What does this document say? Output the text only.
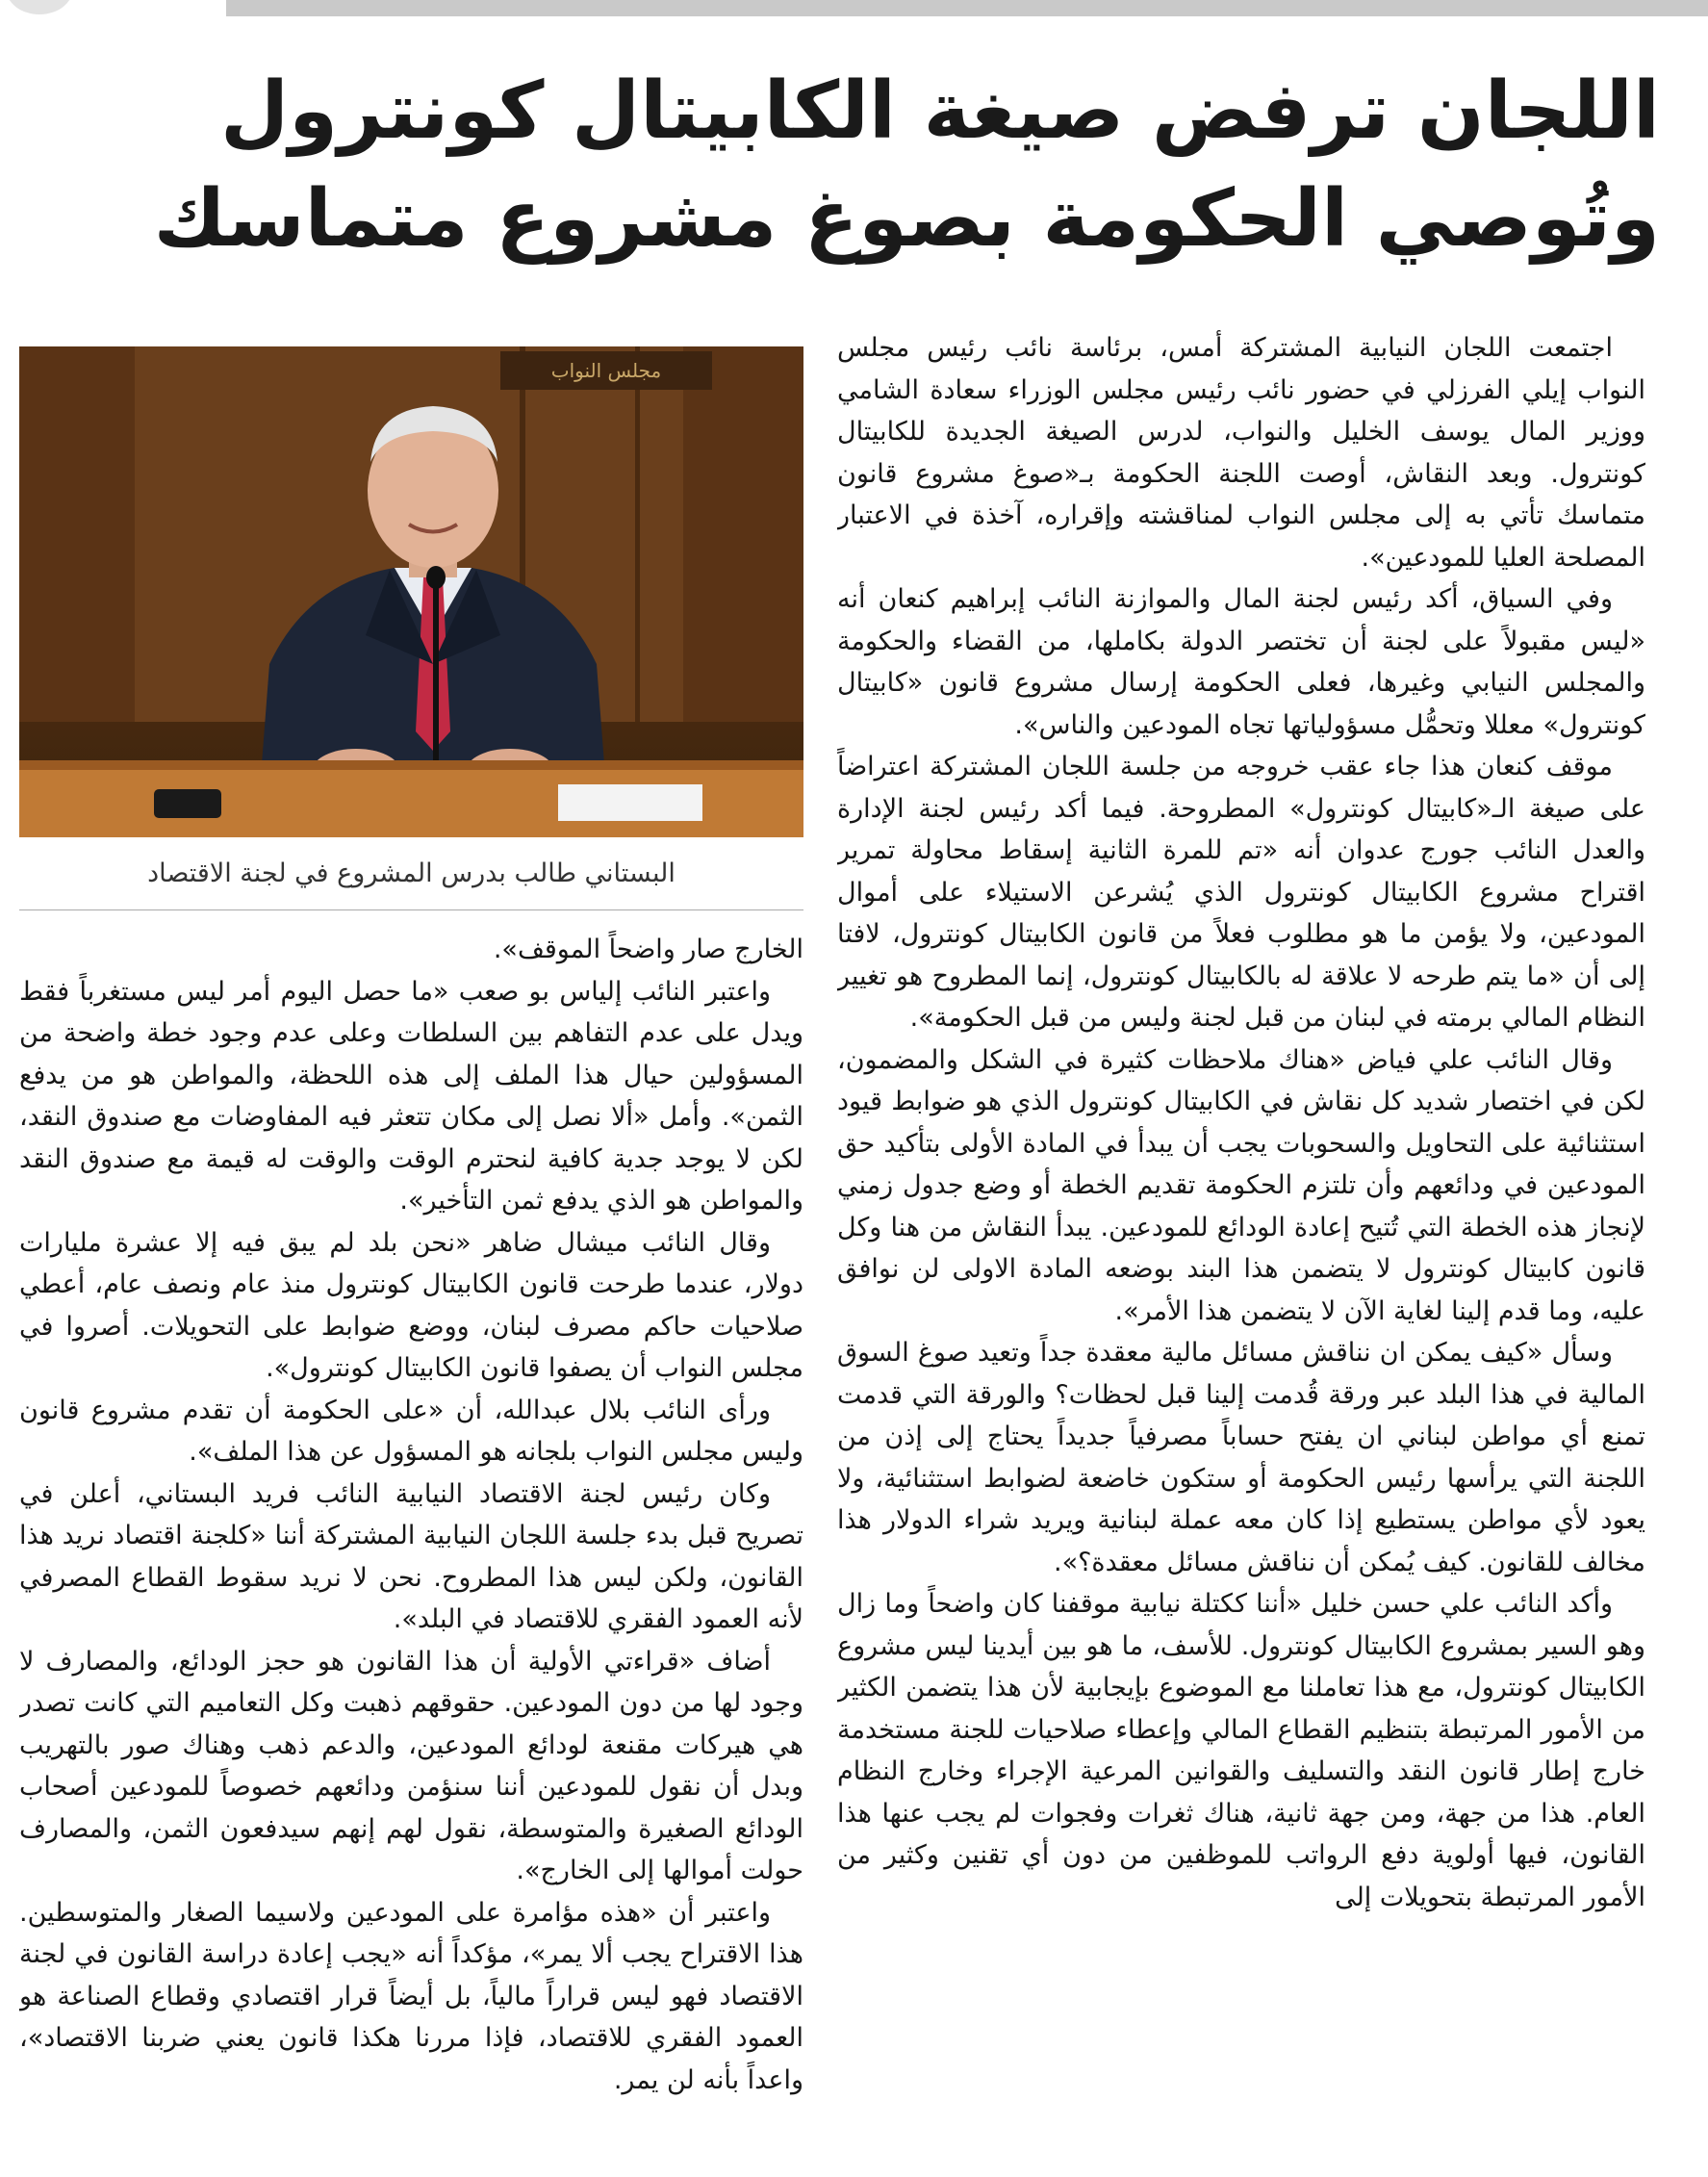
اللجان ترفض صيغة الكابيتال كونترول
وتُوصي الحكومة بصوغ مشروع متماسك
مجلس النواب

البستاني طالب بدرس المشروع في لجنة الاقتصاد

اجتمعت اللجان النيابية المشتركة أمس، برئاسة نائب رئيس مجلس النواب إيلي الفرزلي في حضور نائب رئيس مجلس الوزراء سعادة الشامي ووزير المال يوسف الخليل والنواب، لدرس الصيغة الجديدة للكابيتال كونترول. وبعد النقاش، أوصت اللجنة الحكومة بـ«صوغ مشروع قانون متماسك تأتي به إلى مجلس النواب لمناقشته وإقراره، آخذة في الاعتبار المصلحة العليا للمودعين».

وفي السياق، أكد رئيس لجنة المال والموازنة النائب إبراهيم كنعان أنه «ليس مقبولاً على لجنة أن تختصر الدولة بكاملها، من القضاء والحكومة والمجلس النيابي وغيرها، فعلى الحكومة إرسال مشروع قانون «كابيتال كونترول» معللا وتحمُّل مسؤولياتها تجاه المودعين والناس».

موقف كنعان هذا جاء عقب خروجه من جلسة اللجان المشتركة اعتراضاً على صيغة الـ«كابيتال كونترول» المطروحة. فيما أكد رئيس لجنة الإدارة والعدل النائب جورج عدوان أنه «تم للمرة الثانية إسقاط محاولة تمرير اقتراح مشروع الكابيتال كونترول الذي يُشرعن الاستيلاء على أموال المودعين، ولا يؤمن ما هو مطلوب فعلاً من قانون الكابيتال كونترول، لافتا إلى أن «ما يتم طرحه لا علاقة له بالكابيتال كونترول، إنما المطروح هو تغيير النظام المالي برمته في لبنان من قبل لجنة وليس من قبل الحكومة».

وقال النائب علي فياض «هناك ملاحظات كثيرة في الشكل والمضمون، لكن في اختصار شديد كل نقاش في الكابيتال كونترول الذي هو ضوابط قيود استثنائية على التحاويل والسحوبات يجب أن يبدأ في المادة الأولى بتأكيد حق المودعين في ودائعهم وأن تلتزم الحكومة تقديم الخطة أو وضع جدول زمني لإنجاز هذه الخطة التي تُتيح إعادة الودائع للمودعين. يبدأ النقاش من هنا وكل قانون كابيتال كونترول لا يتضمن هذا البند بوضعه المادة الاولى لن نوافق عليه، وما قدم إلينا لغاية الآن لا يتضمن هذا الأمر».

وسأل «كيف يمكن ان نناقش مسائل مالية معقدة جداً وتعيد صوغ السوق المالية في هذا البلد عبر ورقة قُدمت إلينا قبل لحظات؟ والورقة التي قدمت تمنع أي مواطن لبناني ان يفتح حساباً مصرفياً جديداً يحتاج إلى إذن من اللجنة التي يرأسها رئيس الحكومة أو ستكون خاضعة لضوابط استثنائية، ولا يعود لأي مواطن يستطيع إذا كان معه عملة لبنانية ويريد شراء الدولار هذا مخالف للقانون. كيف يُمكن أن نناقش مسائل معقدة؟».

وأكد النائب علي حسن خليل «أننا ككتلة نيابية موقفنا كان واضحاً وما زال وهو السير بمشروع الكابيتال كونترول. للأسف، ما هو بين أيدينا ليس مشروع الكابيتال كونترول، مع هذا تعاملنا مع الموضوع بإيجابية لأن هذا يتضمن الكثير من الأمور المرتبطة بتنظيم القطاع المالي وإعطاء صلاحيات للجنة مستخدمة خارج إطار قانون النقد والتسليف والقوانين المرعية الإجراء وخارج النظام العام. هذا من جهة، ومن جهة ثانية، هناك ثغرات وفجوات لم يجب عنها هذا القانون، فيها أولوية دفع الرواتب للموظفين من دون أي تقنين وكثير من الأمور المرتبطة بتحويلات إلى

الخارج صار واضحاً الموقف».

واعتبر النائب إلياس بو صعب «ما حصل اليوم أمر ليس مستغرباً فقط ويدل على عدم التفاهم بين السلطات وعلى عدم وجود خطة واضحة من المسؤولين حيال هذا الملف إلى هذه اللحظة، والمواطن هو من يدفع الثمن». وأمل «ألا نصل إلى مكان تتعثر فيه المفاوضات مع صندوق النقد، لكن لا يوجد جدية كافية لنحترم الوقت والوقت له قيمة مع صندوق النقد والمواطن هو الذي يدفع ثمن التأخير».

وقال النائب ميشال ضاهر «نحن بلد لم يبق فيه إلا عشرة مليارات دولار، عندما طرحت قانون الكابيتال كونترول منذ عام ونصف عام، أعطي صلاحيات حاكم مصرف لبنان، ووضع ضوابط على التحويلات. أصروا في مجلس النواب أن يصفوا قانون الكابيتال كونترول».

ورأى النائب بلال عبدالله، أن «على الحكومة أن تقدم مشروع قانون وليس مجلس النواب بلجانه هو المسؤول عن هذا الملف».

وكان رئيس لجنة الاقتصاد النيابية النائب فريد البستاني، أعلن في تصريح قبل بدء جلسة اللجان النيابية المشتركة أننا «كلجنة اقتصاد نريد هذا القانون، ولكن ليس هذا المطروح. نحن لا نريد سقوط القطاع المصرفي لأنه العمود الفقري للاقتصاد في البلد».

أضاف «قراءتي الأولية أن هذا القانون هو حجز الودائع، والمصارف لا وجود لها من دون المودعين. حقوقهم ذهبت وكل التعاميم التي كانت تصدر هي هيركات مقنعة لودائع المودعين، والدعم ذهب وهناك صور بالتهريب وبدل أن نقول للمودعين أننا سنؤمن ودائعهم خصوصاً للمودعين أصحاب الودائع الصغيرة والمتوسطة، نقول لهم إنهم سيدفعون الثمن، والمصارف حولت أموالها إلى الخارج».

واعتبر أن «هذه مؤامرة على المودعين ولاسيما الصغار والمتوسطين. هذا الاقتراح يجب ألا يمر»، مؤكداً أنه «يجب إعادة دراسة القانون في لجنة الاقتصاد فهو ليس قراراً مالياً، بل أيضاً قرار اقتصادي وقطاع الصناعة هو العمود الفقري للاقتصاد، فإذا مررنا هكذا قانون يعني ضربنا الاقتصاد»، واعداً بأنه لن يمر.
